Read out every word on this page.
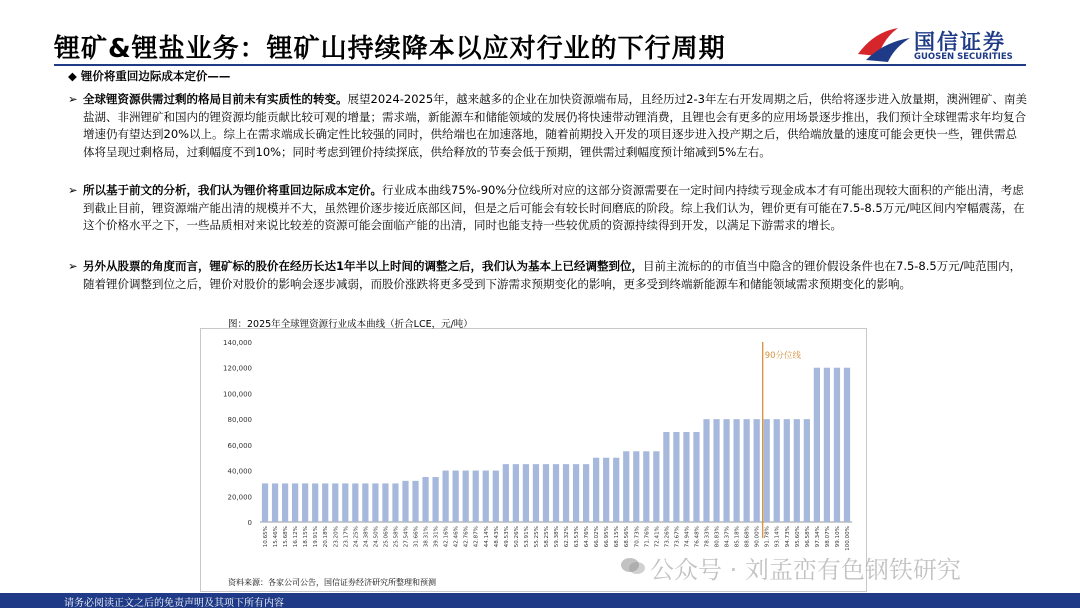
锂矿&锂盐业务：锂矿山持续降本以应对行业的下行周期	国信证券
GUOSEN SECURITIES
◆ 锂价将重回边际成本定价——
➢ 全球锂资源供需过剩的格局目前未有实质性的转变。展望2024-2025年，越来越多的企业在加快资源端布局，且经历过2-3年左右开发周期之后，供给将逐步进入放量期，澳洲锂矿、南美盐湖、非洲锂矿和国内的锂资源均能贡献比较可观的增量；需求端，新能源车和储能领域的发展仍将快速带动锂消费，且锂也会有更多的应用场景逐步推出，我们预计全球锂需求年均复合增速仍有望达到20%以上。综上在需求端成长确定性比较强的同时，供给端也在加速落地，随着前期投入开发的项目逐步进入投产期之后，供给端放量的速度可能会更快一些，锂供需总体将呈现过剩格局，过剩幅度不到10%；同时考虑到锂价持续探底，供给释放的节奏会低于预期，锂供需过剩幅度预计缩减到5%左右。
➢ 所以基于前文的分析，我们认为锂价将重回边际成本定价。行业成本曲线75%-90%分位线所对应的这部分资源需要在一定时间内持续亏现金成本才有可能出现较大面积的产能出清，考虑到截止目前，锂资源端产能出清的规模并不大，虽然锂价逐步接近底部区间，但是之后可能会有较长时间磨底的阶段。综上我们认为，锂价更有可能在7.5-8.5万元/吨区间内窄幅震荡，在这个价格水平之下，一些品质相对来说比较差的资源可能会面临产能的出清，同时也能支持一些较优质的资源持续得到开发，以满足下游需求的增长。
➢ 另外从股票的角度而言，锂矿标的股价在经历长达1年半以上时间的调整之后，我们认为基本上已经调整到位，目前主流标的的市值当中隐含的锂价假设条件也在7.5-8.5万元/吨范围内，随着锂价调整到位之后，锂价对股价的影响会逐步减弱，而股价涨跌将更多受到下游需求预期变化的影响，更多受到终端新能源车和储能领域需求预期变化的影响。
图：2025年全球锂资源行业成本曲线（折合LCE，元/吨）
140,000
120,000
100,000
80,000
60,000
40,000
20,000
0
10.65% 15.46% 15.68% 16.12% 18.15% 19.91% 20.18% 23.20% 23.17% 24.25% 24.38% 24.50% 25.06% 25.58% 27.54% 31.66% 38.31% 39.31% 42.16% 42.46% 42.76% 42.87% 44.14% 48.43% 49.53% 50.26% 53.91% 55.25% 58.25% 59.38% 62.32% 63.53% 64.76% 66.02% 66.95% 68.15% 68.56% 70.73% 71.76% 72.41% 73.26% 73.67% 74.94% 76.48% 78.33% 80.83% 84.37% 85.18% 88.68% 90.00% 91.78% 93.14% 94.73% 95.60% 96.58% 97.34% 98.07% 99.10% 100.00%
90分位线
资料来源：各家公司公告，国信证券经济研究所整理和预测	公众号 · 刘孟峦有色钢铁研究
请务必阅读正文之后的免责声明及其项下所有内容
